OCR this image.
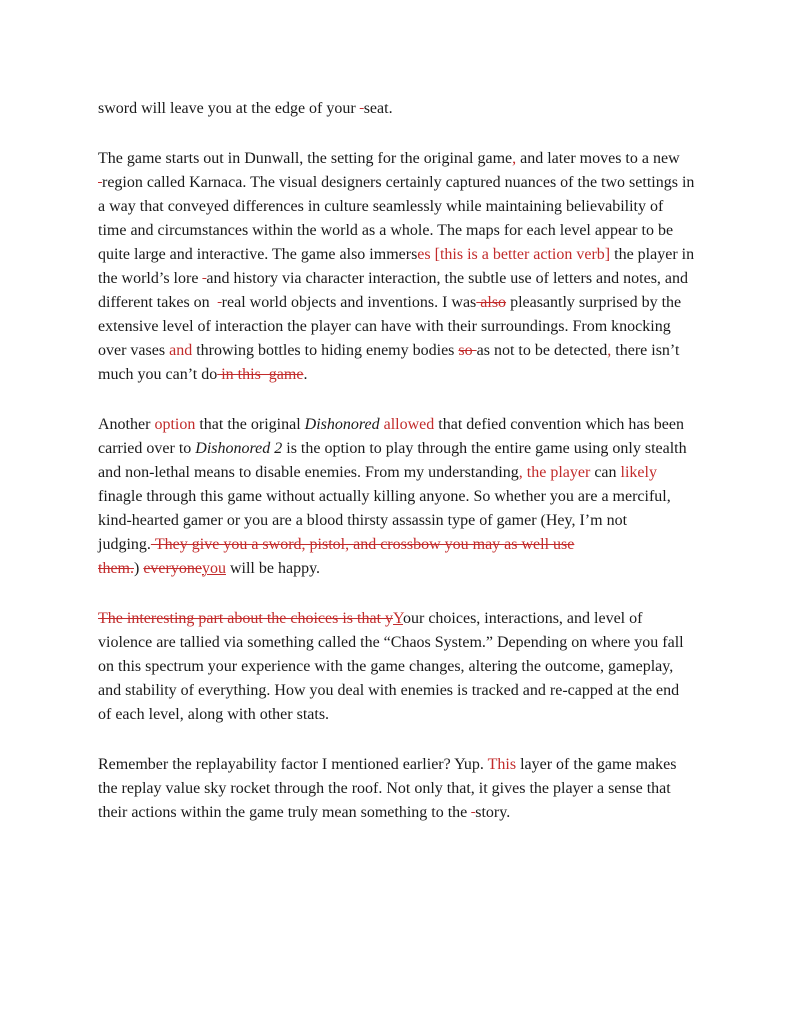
sword will leave you at the edge of your  seat.

The game starts out in Dunwall, the setting for the original game, and later moves to a new  region called Karnaca. The visual designers certainly captured nuances of the two settings in a way that conveyed differences in culture seamlessly while maintaining believability of time and circumstances within the world as a whole. The maps for each level appear to be quite large and interactive. The game also immerses [this is a better action verb] the player in the world’s lore  and history via character interaction, the subtle use of letters and notes, and different takes on   real world objects and inventions. I was also pleasantly surprised by the extensive level of interaction the player can have with their surroundings. From knocking over vases and throwing bottles to hiding enemy bodies so as not to be detected, there isn’t much you can’t do in this  game.

Another option that the original Dishonored allowed that defied convention which has been carried over to Dishonored 2 is the option to play through the entire game using only stealth and non-lethal means to disable enemies. From my understanding, the player can likely finagle through this game without actually killing anyone. So whether you are a merciful, kind-hearted gamer or you are a blood thirsty assassin type of gamer (Hey, I’m not judging. They give you a sword, pistol, and crossbow you may as well use
them.) everyoneyou will be happy.

The interesting part about the choices is that yYour choices, interactions, and level of violence are tallied via something called the “Chaos System.” Depending on where you fall on this spectrum your experience with the game changes, altering the outcome, gameplay, and stability of everything. How you deal with enemies is tracked and re-capped at the end of each level, along with other stats.

Remember the replayability factor I mentioned earlier? Yup. This layer of the game makes the replay value sky rocket through the roof. Not only that, it gives the player a sense that their actions within the game truly mean something to the  story.
